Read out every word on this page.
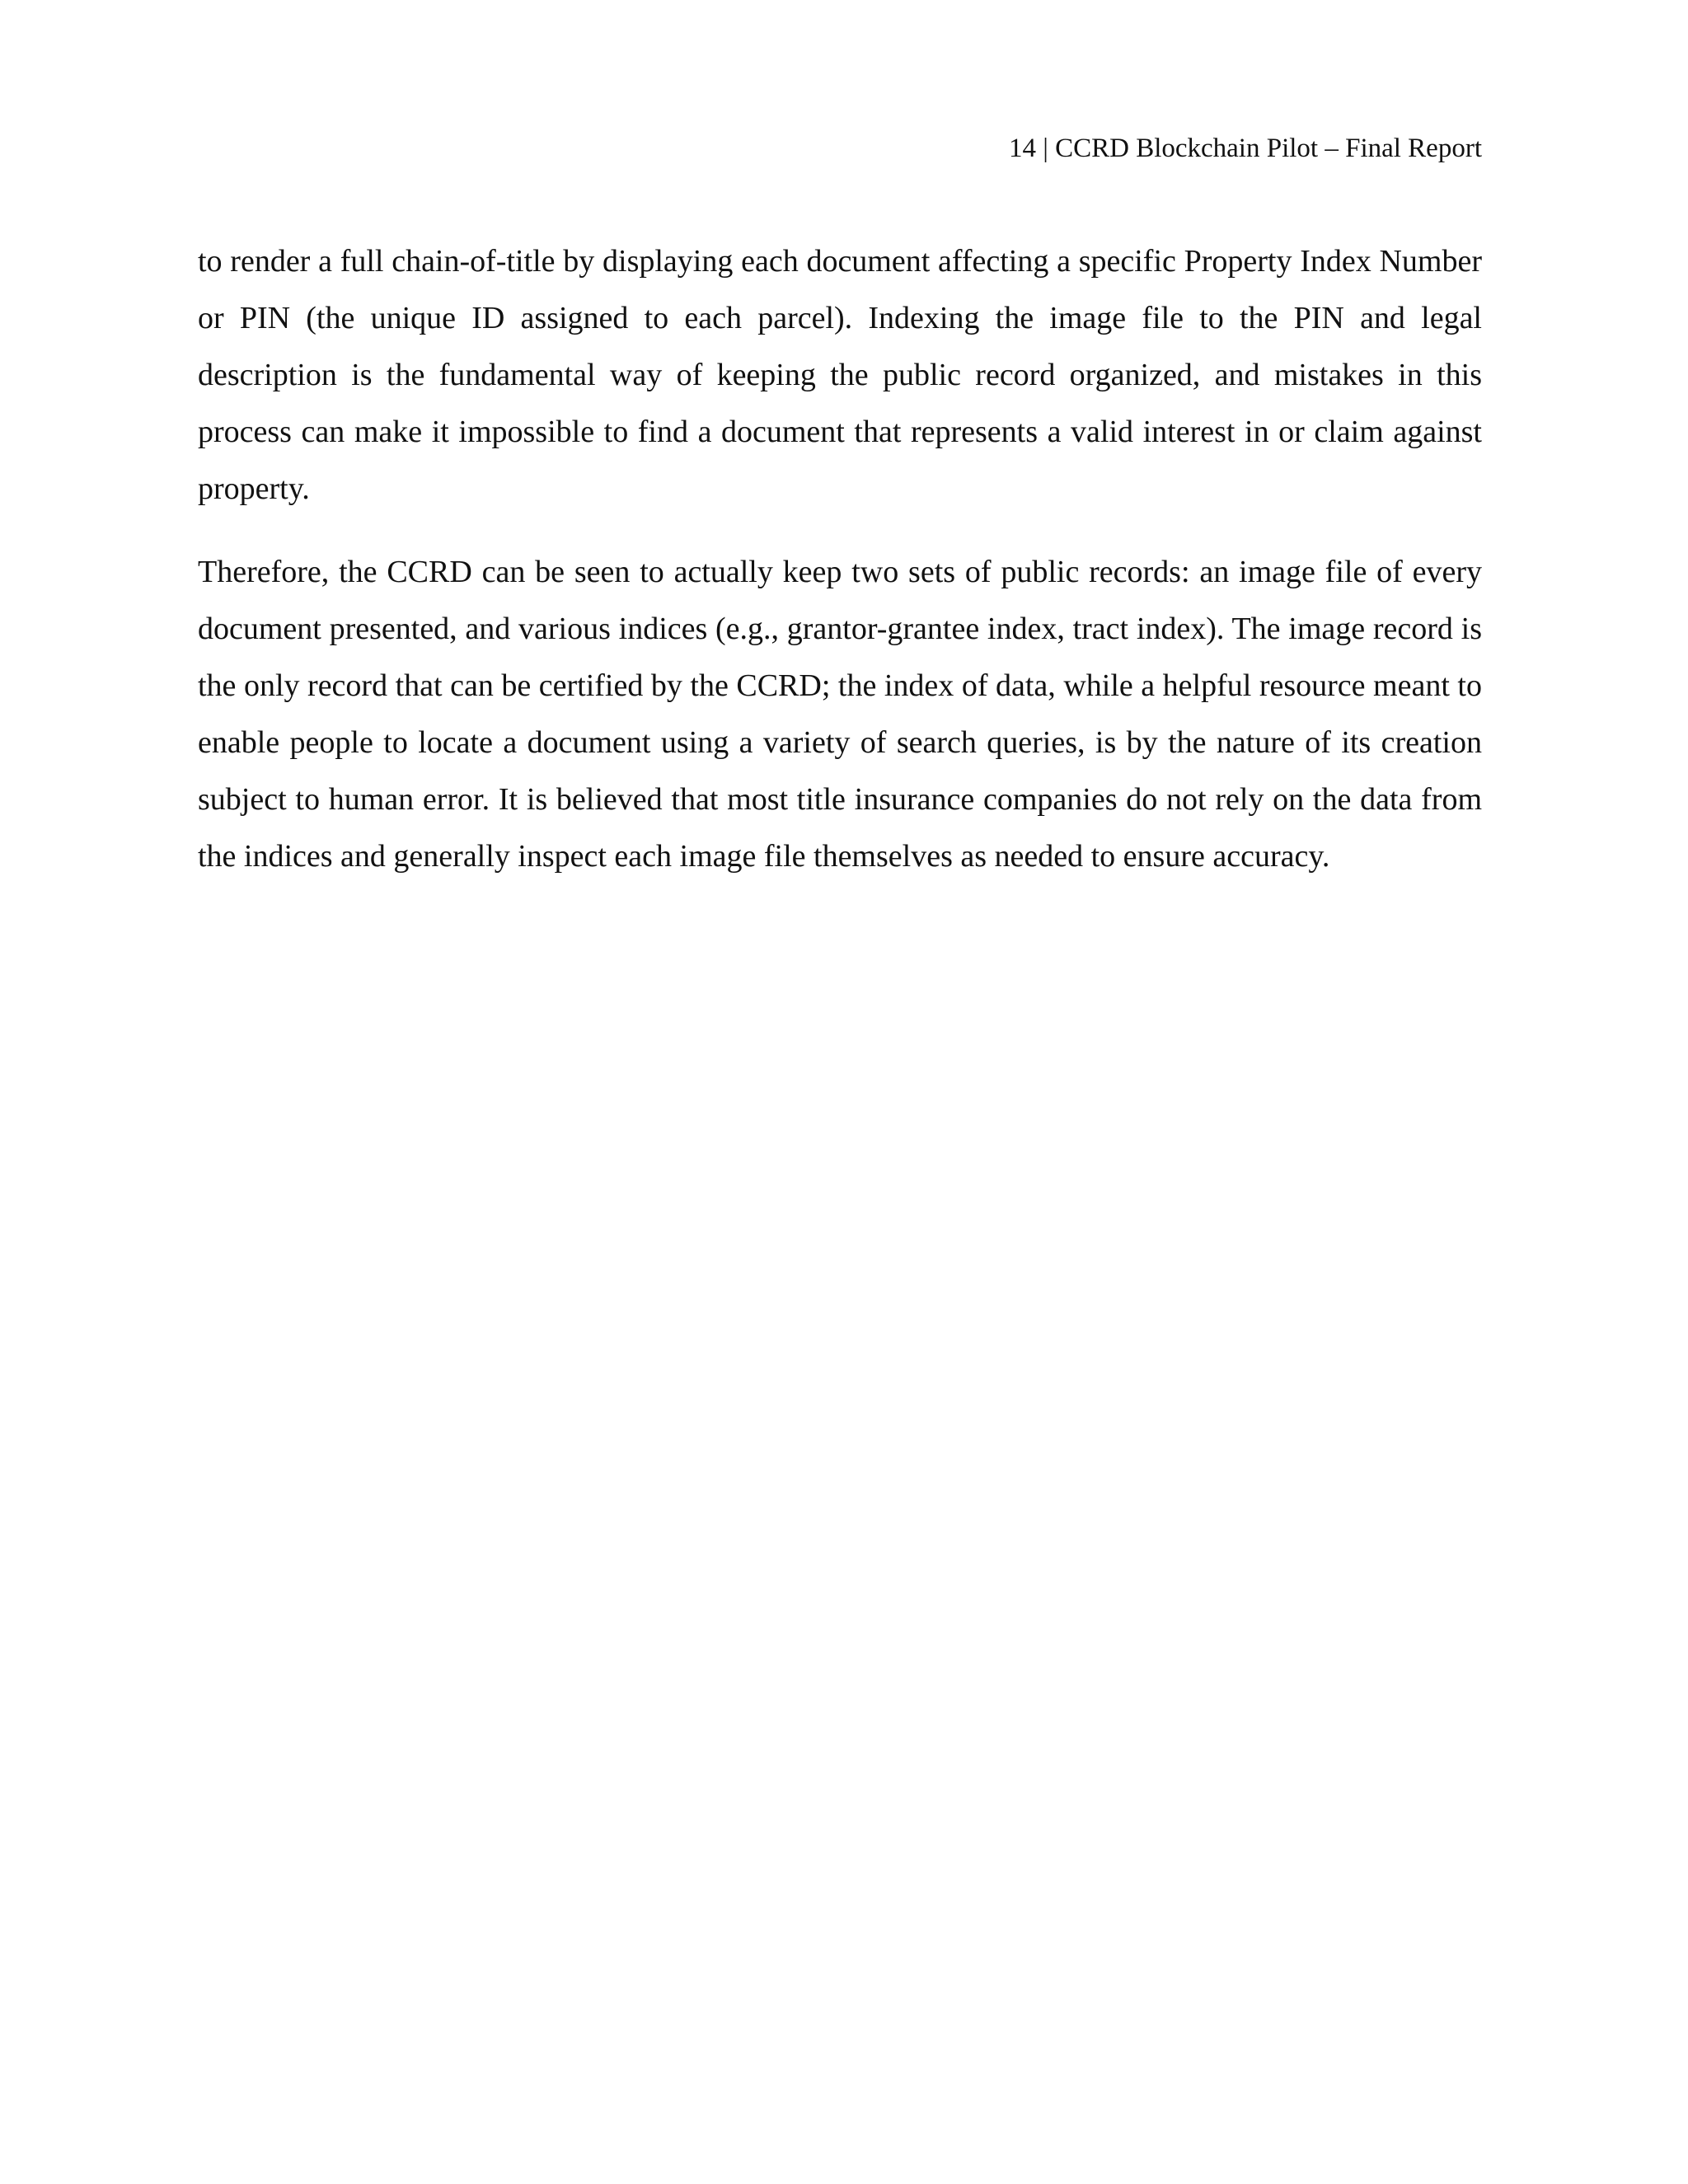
14 | CCRD Blockchain Pilot – Final Report

to render a full chain-of-title by displaying each document affecting a specific Property Index Number or PIN (the unique ID assigned to each parcel). Indexing the image file to the PIN and legal description is the fundamental way of keeping the public record organized, and mistakes in this process can make it impossible to find a document that represents a valid interest in or claim against property.

Therefore, the CCRD can be seen to actually keep two sets of public records: an image file of every document presented, and various indices (e.g., grantor-grantee index, tract index). The image record is the only record that can be certified by the CCRD; the index of data, while a helpful resource meant to enable people to locate a document using a variety of search queries, is by the nature of its creation subject to human error. It is believed that most title insurance companies do not rely on the data from the indices and generally inspect each image file themselves as needed to ensure accuracy.
